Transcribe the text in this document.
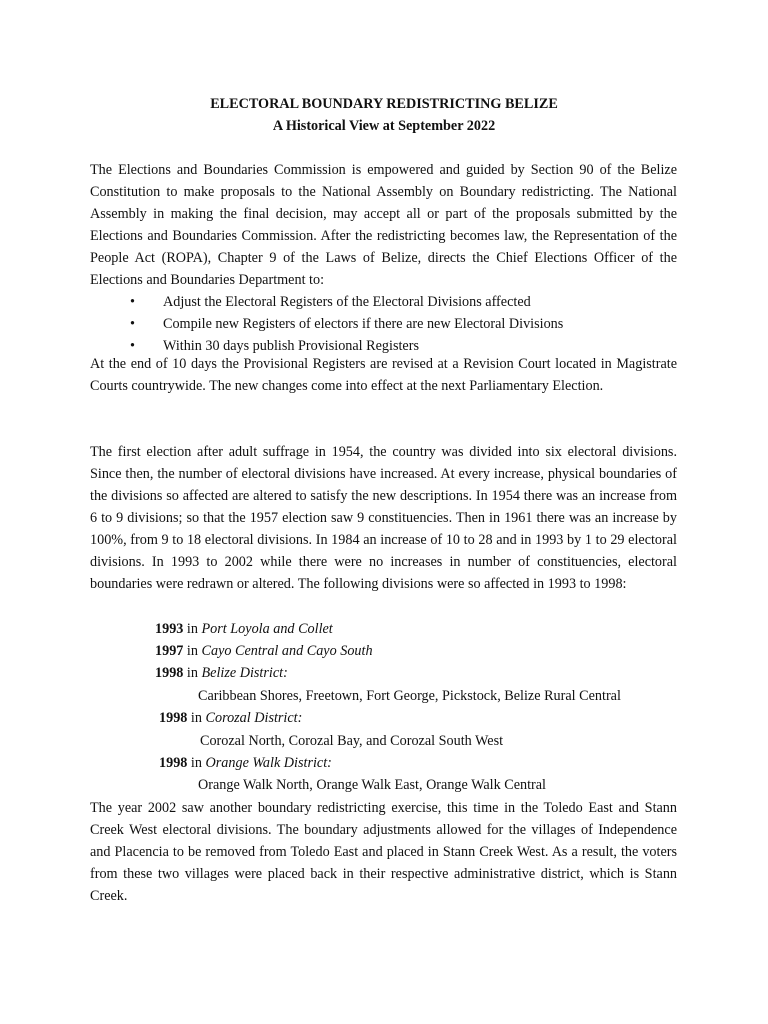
ELECTORAL BOUNDARY REDISTRICTING BELIZE
A Historical View at September 2022
The Elections and Boundaries Commission is empowered and guided by Section 90 of the Belize Constitution to make proposals to the National Assembly on Boundary redistricting. The National Assembly in making the final decision, may accept all or part of the proposals submitted by the Elections and Boundaries Commission. After the redistricting becomes law, the Representation of the People Act (ROPA), Chapter 9 of the Laws of Belize, directs the Chief Elections Officer of the Elections and Boundaries Department to:
• Adjust the Electoral Registers of the Electoral Divisions affected
• Compile new Registers of electors if there are new Electoral Divisions
• Within 30 days publish Provisional Registers
At the end of 10 days the Provisional Registers are revised at a Revision Court located in Magistrate Courts countrywide. The new changes come into effect at the next Parliamentary Election.
The first election after adult suffrage in 1954, the country was divided into six electoral divisions. Since then, the number of electoral divisions have increased. At every increase, physical boundaries of the divisions so affected are altered to satisfy the new descriptions. In 1954 there was an increase from 6 to 9 divisions; so that the 1957 election saw 9 constituencies. Then in 1961 there was an increase by 100%, from 9 to 18 electoral divisions. In 1984 an increase of 10 to 28 and in 1993 by 1 to 29 electoral divisions. In 1993 to 2002 while there were no increases in number of constituencies, electoral boundaries were redrawn or altered. The following divisions were so affected in 1993 to 1998:
1993 in Port Loyola and Collet
1997 in Cayo Central and Cayo South
1998 in Belize District:
Caribbean Shores, Freetown, Fort George, Pickstock, Belize Rural Central
1998 in Corozal District:
Corozal North, Corozal Bay, and Corozal South West
1998 in Orange Walk District:
Orange Walk North, Orange Walk East, Orange Walk Central
The year 2002 saw another boundary redistricting exercise, this time in the Toledo East and Stann Creek West electoral divisions. The boundary adjustments allowed for the villages of Independence and Placencia to be removed from Toledo East and placed in Stann Creek West. As a result, the voters from these two villages were placed back in their respective administrative district, which is Stann Creek.
